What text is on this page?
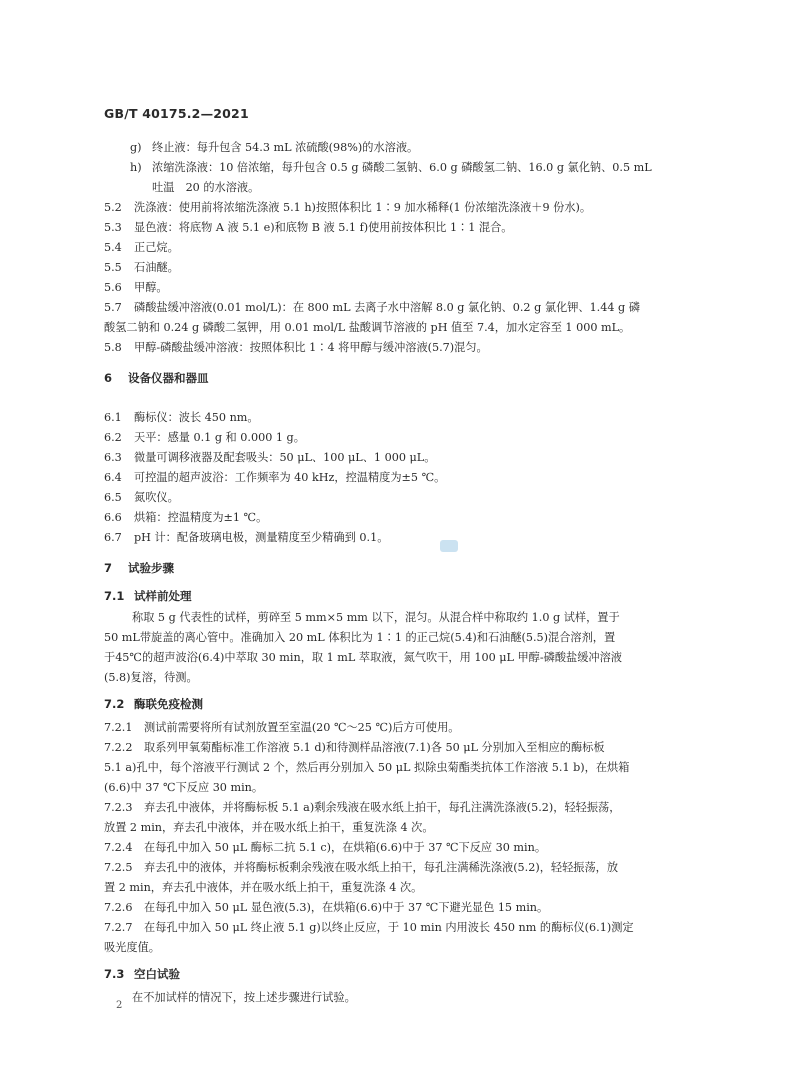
GB/T 40175.2—2021
g) 终止液：每升包含 54.3 mL 浓硫酸(98%)的水溶液。
h) 浓缩洗涤液：10 倍浓缩，每升包含 0.5 g 磷酸二氢钠、6.0 g 磷酸氢二钠、16.0 g 氯化钠、0.5 mL
吐温　20 的水溶液。
5.2 洗涤液：使用前将浓缩洗涤液 5.1 h)按照体积比 1∶9 加水稀释(1 份浓缩洗涤液＋9 份水)。
5.3 显色液：将底物 A 液 5.1 e)和底物 B 液 5.1 f)使用前按体积比 1∶1 混合。
5.4 正己烷。
5.5 石油醚。
5.6 甲醇。
5.7 磷酸盐缓冲溶液(0.01 mol/L)：在 800 mL 去离子水中溶解 8.0 g 氯化钠、0.2 g 氯化钾、1.44 g 磷
酸氢二钠和 0.24 g 磷酸二氢钾，用 0.01 mol/L 盐酸调节溶液的 pH 值至 7.4，加水定容至 1 000 mL。
5.8 甲醇-磷酸盐缓冲溶液：按照体积比 1∶4 将甲醇与缓冲溶液(5.7)混匀。
6.1 酶标仪：波长 450 nm。
6.2 天平：感量 0.1 g 和 0.000 1 g。
6.3 微量可调移液器及配套吸头：50 μL、100 μL、1 000 μL。
6.4 可控温的超声波浴：工作频率为 40 kHz，控温精度为±5 ℃。
6.5 氮吹仪。
6.6 烘箱：控温精度为±1 ℃。
6.7 pH 计：配备玻璃电极，测量精度至少精确到 0.1。
称取 5 g 代表性的试样，剪碎至 5 mm×5 mm 以下，混匀。从混合样中称取约 1.0 g 试样，置于
50 mL带旋盖的离心管中。准确加入 20 mL 体积比为 1∶1 的正己烷(5.4)和石油醚(5.5)混合溶剂，置
于45℃的超声波浴(6.4)中萃取 30 min，取 1 mL 萃取液，氮气吹干，用 100 μL 甲醇-磷酸盐缓冲溶液
(5.8)复溶，待测。
7.2.1 测试前需要将所有试剂放置至室温(20 ℃～25 ℃)后方可使用。
7.2.2 取系列甲氧菊酯标准工作溶液 5.1 d)和待测样品溶液(7.1)各 50 μL 分别加入至相应的酶标板
5.1 a)孔中，每个溶液平行测试 2 个，然后再分别加入 50 μL 拟除虫菊酯类抗体工作溶液 5.1 b)，在烘箱
(6.6)中 37 ℃下反应 30 min。
7.2.3 弃去孔中液体，并将酶标板 5.1 a)剩余残液在吸水纸上拍干，每孔注满洗涤液(5.2)，轻轻振荡，
放置 2 min，弃去孔中液体，并在吸水纸上拍干，重复洗涤 4 次。
7.2.4 在每孔中加入 50 μL 酶标二抗 5.1 c)，在烘箱(6.6)中于 37 ℃下反应 30 min。
7.2.5 弃去孔中的液体，并将酶标板剩余残液在吸水纸上拍干，每孔注满稀洗涤液(5.2)，轻轻振荡，放
置 2 min，弃去孔中液体，并在吸水纸上拍干，重复洗涤 4 次。
7.2.6 在每孔中加入 50 μL 显色液(5.3)，在烘箱(6.6)中于 37 ℃下避光显色 15 min。
7.2.7 在每孔中加入 50 μL 终止液 5.1 g)以终止反应，于 10 min 内用波长 450 nm 的酶标仪(6.1)测定
吸光度值。
在不加试样的情况下，按上述步骤进行试验。
6 设备仪器和器皿
7 试验步骤
7.1 试样前处理
7.2 酶联免疫检测
7.3 空白试验
2
